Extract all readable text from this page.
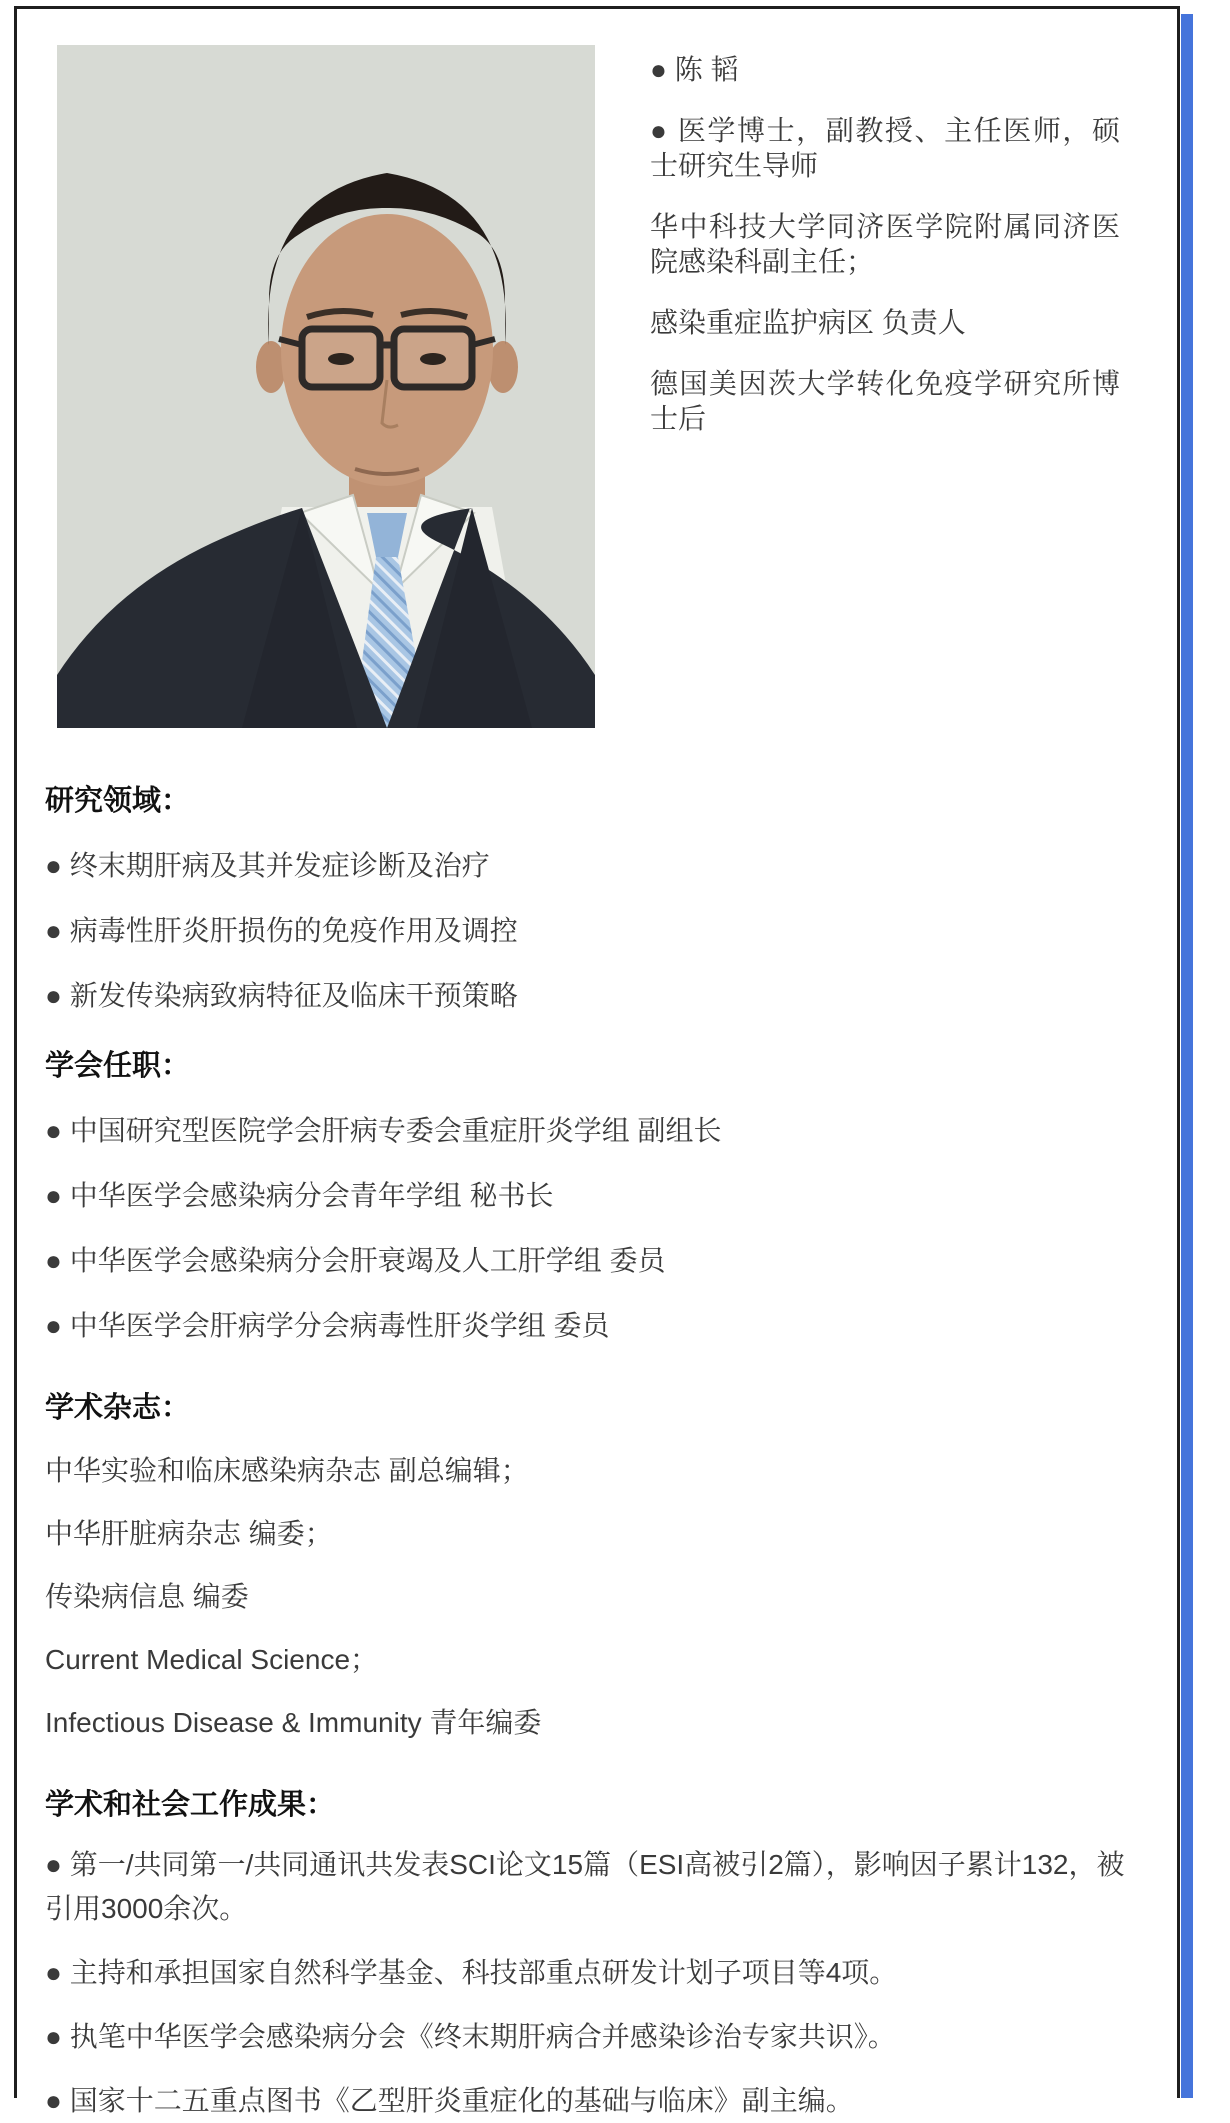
● 陈 韬

● 医学博士，副教授、主任医师，硕士研究生导师

华中科技大学同济医学院附属同济医院感染科副主任；

感染重症监护病区 负责人

德国美因茨大学转化免疫学研究所博士后

研究领域：

● 终末期肝病及其并发症诊断及治疗

● 病毒性肝炎肝损伤的免疫作用及调控

● 新发传染病致病特征及临床干预策略

学会任职：

● 中国研究型医院学会肝病专委会重症肝炎学组 副组长

● 中华医学会感染病分会青年学组 秘书长

● 中华医学会感染病分会肝衰竭及人工肝学组 委员

● 中华医学会肝病学分会病毒性肝炎学组 委员

学术杂志：

中华实验和临床感染病杂志 副总编辑；

中华肝脏病杂志 编委；

传染病信息 编委

Current Medical Science；

Infectious Disease & Immunity 青年编委

学术和社会工作成果：

● 第一/共同第一/共同通讯共发表SCI论文15篇（ESI高被引2篇），影响因子累计132，被引用3000余次。

● 主持和承担国家自然科学基金、科技部重点研发计划子项目等4项。

● 执笔中华医学会感染病分会《终末期肝病合并感染诊治专家共识》。

● 国家十二五重点图书《乙型肝炎重症化的基础与临床》副主编。
